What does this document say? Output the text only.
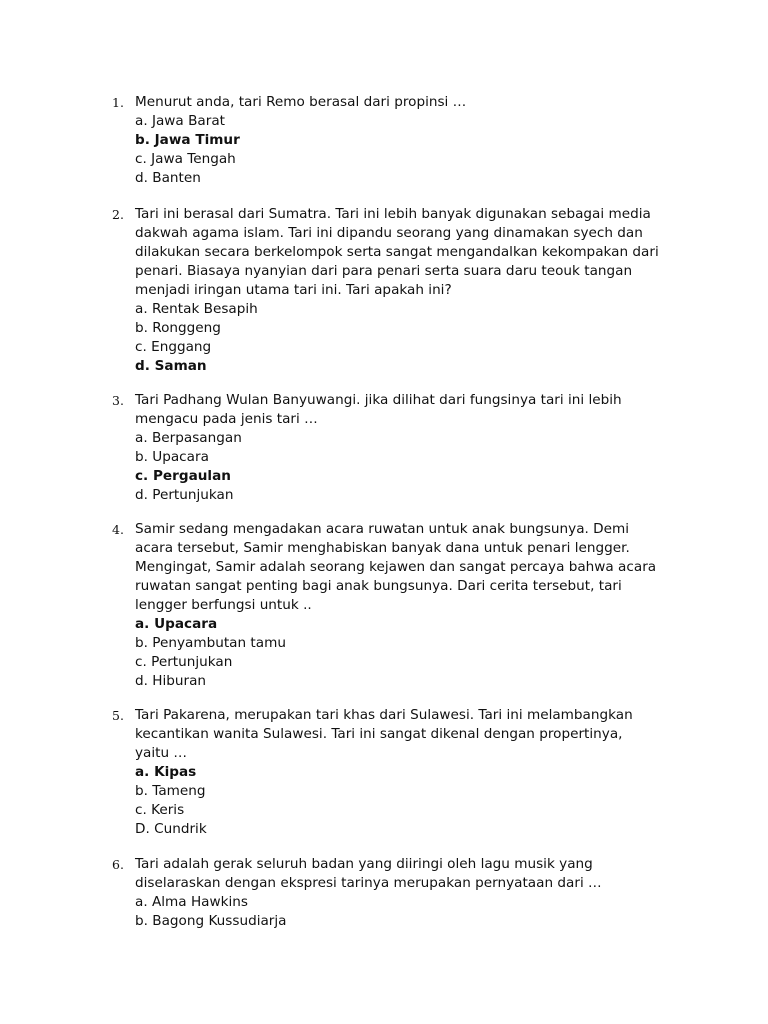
1. Menurut anda, tari Remo berasal dari propinsi …
a. Jawa Barat
b. Jawa Timur
c. Jawa Tengah
d. Banten
2. Tari ini berasal dari Sumatra. Tari ini lebih banyak digunakan sebagai media
dakwah agama islam. Tari ini dipandu seorang yang dinamakan syech dan
dilakukan secara berkelompok serta sangat mengandalkan kekompakan dari
penari. Biasaya nyanyian dari para penari serta suara daru teouk tangan
menjadi iringan utama tari ini. Tari apakah ini?
a. Rentak Besapih
b. Ronggeng
c. Enggang
d. Saman
3. Tari Padhang Wulan Banyuwangi. jika dilihat dari fungsinya tari ini lebih
mengacu pada jenis tari …
a. Berpasangan
b. Upacara
c. Pergaulan
d. Pertunjukan
4. Samir sedang mengadakan acara ruwatan untuk anak bungsunya. Demi
acara tersebut, Samir menghabiskan banyak dana untuk penari lengger.
Mengingat, Samir adalah seorang kejawen dan sangat percaya bahwa acara
ruwatan sangat penting bagi anak bungsunya. Dari cerita tersebut, tari
lengger berfungsi untuk ..
a. Upacara
b. Penyambutan tamu
c. Pertunjukan
d. Hiburan
5. Tari Pakarena, merupakan tari khas dari Sulawesi. Tari ini melambangkan
kecantikan wanita Sulawesi. Tari ini sangat dikenal dengan propertinya,
yaitu …
a. Kipas
b. Tameng
c. Keris
D. Cundrik
6. Tari adalah gerak seluruh badan yang diiringi oleh lagu musik yang
diselaraskan dengan ekspresi tarinya merupakan pernyataan dari …
a. Alma Hawkins
b. Bagong Kussudiarja
